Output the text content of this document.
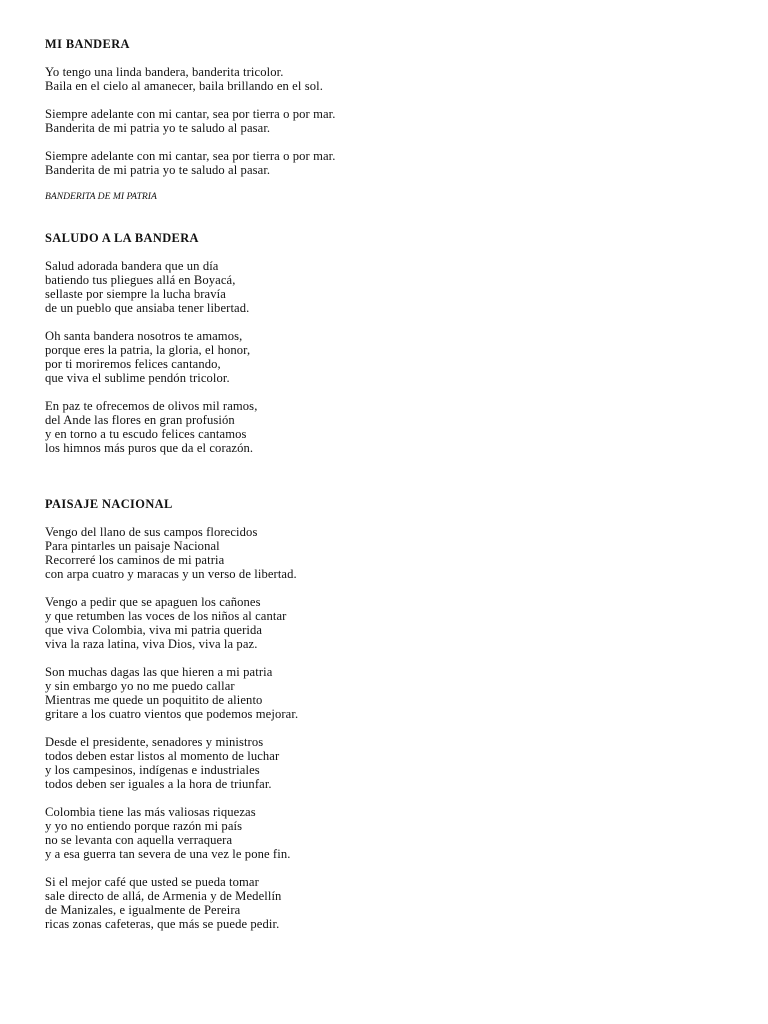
MI BANDERA

Yo tengo una linda bandera, banderita tricolor.

Baila en el cielo al amanecer, baila brillando en el sol.

Siempre adelante con mi cantar, sea por tierra o por mar.

Banderita de mi patria yo te saludo al pasar.

Siempre adelante con mi cantar, sea por tierra o por mar.

Banderita de mi patria yo te saludo al pasar.

BANDERITA DE MI PATRIA

SALUDO A LA BANDERA

Salud adorada bandera que un día

batiendo tus pliegues allá en Boyacá,

sellaste por siempre la lucha bravía

de un pueblo que ansiaba tener libertad.

Oh santa bandera nosotros te amamos,

porque eres la patria, la gloria, el honor,

por ti moriremos felices cantando,

que viva el sublime pendón tricolor.

En paz te ofrecemos de olivos mil ramos,

del Ande las flores en gran profusión

y en torno a tu escudo felices cantamos

los himnos más puros que da el corazón.

PAISAJE NACIONAL

Vengo del llano de sus campos florecidos

Para pintarles un paisaje Nacional

Recorreré los caminos de mi patria

con arpa cuatro y maracas y un verso de libertad.

Vengo a pedir que se apaguen los cañones

y que retumben las voces de los niños al cantar

que viva Colombia, viva mi patria querida

viva la raza latina, viva Dios, viva la paz.

Son muchas dagas las que hieren a mi patria

y sin embargo yo no me puedo callar

Mientras me quede un poquitito de aliento

gritare a los cuatro vientos que podemos mejorar.

Desde el presidente, senadores y ministros

todos deben estar listos al momento de luchar

y los campesinos, indígenas e industriales

todos deben ser iguales a la hora de triunfar.

Colombia tiene las más valiosas riquezas

y yo no entiendo porque razón mi país

no se levanta con aquella verraquera

y a esa guerra tan severa de una vez le pone fin.

Si el mejor café que usted se pueda tomar

sale directo de allá, de Armenia y de Medellín

de Manizales, e igualmente de Pereira

ricas zonas cafeteras, que más se puede pedir.
